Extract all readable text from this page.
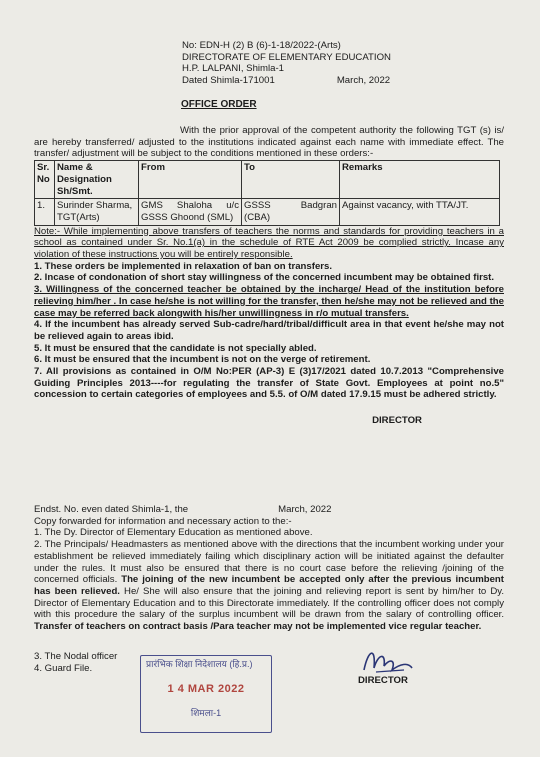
No: EDN-H (2) B (6)-1-18/2022-(Arts)
DIRECTORATE OF ELEMENTARY EDUCATION
H.P. LALPANI, Shimla-1
Dated Shimla-171001	March, 2022
OFFICE ORDER

With the prior approval of the competent authority the following TGT (s) is/ are hereby transferred/ adjusted to the institutions indicated against each name with immediate effect. The transfer/ adjustment will be subject to the conditions mentioned in these orders:-

Sr. No	Name & Designation Sh/Smt.	From	To	Remarks
1.	Surinder Sharma, TGT(Arts)	GMS Shaloha u/c GSSS Ghoond (SML)	GSSS Badgran (CBA)	Against vacancy, with TTA/JT.

Note:- While implementing above transfers of teachers the norms and standards for providing teachers in a school as contained under Sr. No.1(a) in the schedule of RTE Act 2009 be complied strictly. Incase any violation of these instructions you will be entirely responsible.

1. These orders be implemented in relaxation of ban on transfers.

2. Incase of condonation of short stay willingness of the concerned incumbent may be obtained first.

3. Willingness of the concerned teacher be obtained by the incharge/ Head of the institution before relieving him/her . In case he/she is not willing for the transfer, then he/she may not be relieved and the case may be referred back alongwith his/her unwillingness in r/o mutual transfers.

4. If the incumbent has already served Sub-cadre/hard/tribal/difficult area in that event he/she may not be relieved again to areas ibid.

5. It must be ensured that the candidate is not specially abled.

6. It must be ensured that the incumbent is not on the verge of retirement.

7. All provisions as contained in O/M No:PER (AP-3) E (3)17/2021 dated 10.7.2013 "Comprehensive Guiding Principles 2013----for regulating the transfer of State Govt. Employees at point no.5" concession to certain categories of employees and 5.5. of O/M dated 17.9.15 must be adhered strictly.

DIRECTOR

Endst. No. even dated Shimla-1, the	March, 2022

Copy forwarded for information and necessary action to the:-

1. The Dy. Director of Elementary Education as mentioned above.

2. The Principals/ Headmasters as mentioned above with the directions that the incumbent working under your establishment be relieved immediately failing which disciplinary action will be initiated against the defaulter under the rules. It must also be ensured that there is no court case before the relieving /joining of the concerned officials. The joining of the new incumbent be accepted only after the previous incumbent has been relieved. He/ She will also ensure that the joining and relieving report is sent by him/her to Dy. Director of Elementary Education and to this Directorate immediately. If the controlling officer does not comply with this procedure the salary of the surplus incumbent will be drawn from the salary of controlling officer. Transfer of teachers on contract basis /Para teacher may not be implemented vice regular teacher.

3. The Nodal officer
4. Guard File.	प्रारंभिक शिक्षा निदेशालय (हि.प्र.)
1 4 MAR 2022
शिमला-1
DIRECTOR
